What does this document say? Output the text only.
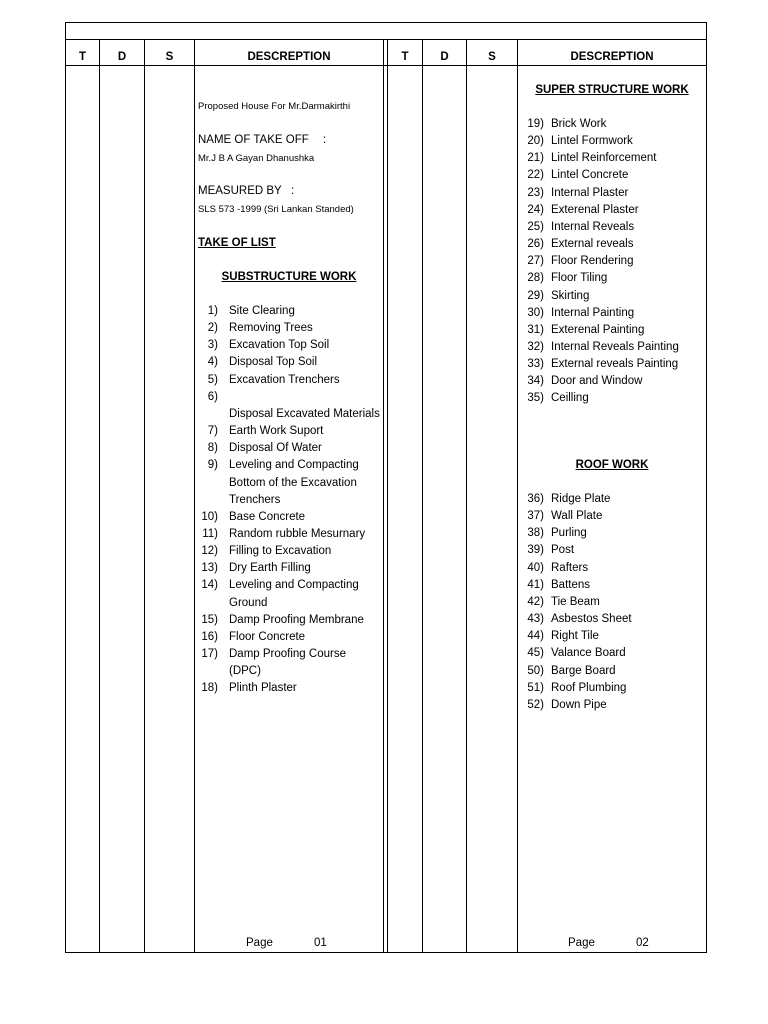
T	D	S	DESCREPTION	T	D	S	DESCREPTION
Proposed House For Mr.Darmakirthi
NAME OF TAKE OFF :
Mr.J B A Gayan Dhanushka
MEASURED BY :
SLS 573 -1999 (Sri Lankan Standed)
TAKE OF LIST
SUBSTRUCTURE WORK
SUPER STRUCTURE WORK
ROOF WORK
1) Site Clearing
2) Removing Trees
3) Excavation Top Soil
4) Disposal Top Soil
5) Excavation Trenchers
6)
Disposal Excavated Materials
7) Earth Work Suport
8) Disposal Of Water
9) Leveling and Compacting
Bottom of the Excavation
Trenchers
10) Base Concrete
11) Random rubble Mesurnary
12) Filling to Excavation
13) Dry Earth Filling
14) Leveling and Compacting
Ground
15) Damp Proofing Membrane
16) Floor Concrete
17) Damp Proofing Course
(DPC)
18) Plinth Plaster
19) Brick Work
20) Lintel Formwork
21) Lintel Reinforcement
22) Lintel Concrete
23) Internal Plaster
24) Exterenal Plaster
25) Internal Reveals
26) External reveals
27) Floor Rendering
28) Floor Tiling
29) Skirting
30) Internal Painting
31) Exterenal Painting
32) Internal Reveals Painting
33) External reveals Painting
34) Door and Window
35) Ceilling
36) Ridge Plate
37) Wall Plate
38) Purling
39) Post
40) Rafters
41) Battens
42) Tie Beam
43) Asbestos Sheet
44) Right Tile
45) Valance Board
50) Barge Board
51) Roof Plumbing
52) Down Pipe
Page	01	Page	02
